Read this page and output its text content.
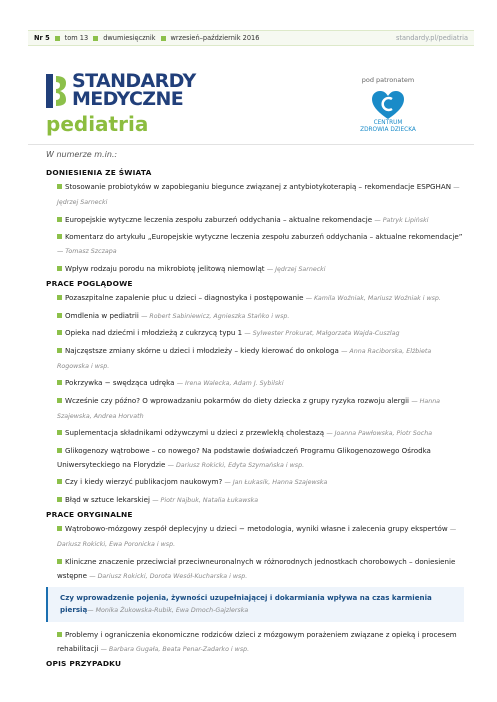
Nr 5 tom 13 dwumiesięcznik wrzesień–październik 2016	standardy.pl/pediatria
STANDARDY
MEDYCZNE
pediatria
pod patronatem
CENTRUM
ZDROWIA DZIECKA
W numerze m.in.:
DONIESIENIA ZE ŚWIATA
Stosowanie probiotyków w zapobieganiu biegunce związanej z antybiotykoterapią – rekomendacje ESPGHAN — Jędrzej Sarnecki
Europejskie wytyczne leczenia zespołu zaburzeń oddychania – aktualne rekomendacje — Patryk Lipiński
Komentarz do artykułu „Europejskie wytyczne leczenia zespołu zaburzeń oddychania – aktualne rekomendacje” — Tomasz Szczapa
Wpływ rodzaju porodu na mikrobiotę jelitową niemowląt — Jędrzej Sarnecki
PRACE POGLĄDOWE
Pozaszpitalne zapalenie płuc u dzieci – diagnostyka i postępowanie — Kamila Woźniak, Mariusz Woźniak i wsp.
Omdlenia w pediatrii — Robert Sabiniewicz, Agnieszka Stańko i wsp.
Opieka nad dziećmi i młodzieżą z cukrzycą typu 1 — Sylwester Prokurat, Małgorzata Wajda-Cuszlag
Najczęstsze zmiany skórne u dzieci i młodzieży – kiedy kierować do onkologa — Anna Raciborska, Elżbieta Rogowska i wsp.
Pokrzywka − swędząca udręka — Irena Walecka, Adam J. Sybilski
Wcześnie czy późno? O wprowadzaniu pokarmów do diety dziecka z grupy ryzyka rozwoju alergii — Hanna Szajewska, Andrea Horvath
Suplementacja składnikami odżywczymi u dzieci z przewlekłą cholestazą — Joanna Pawłowska, Piotr Socha
Glikogenozy wątrobowe – co nowego? Na podstawie doświadczeń Programu Glikogenozowego Ośrodka Uniwersyteckiego na Florydzie — Dariusz Rokicki, Edyta Szymańska i wsp.
Czy i kiedy wierzyć publikacjom naukowym? — Jan Łukasik, Hanna Szajewska
Błąd w sztuce lekarskiej — Piotr Najbuk, Natalia Łukawska
PRACE ORYGINALNE
Wątrobowo-mózgowy zespół deplecyjny u dzieci − metodologia, wyniki własne i zalecenia grupy ekspertów — Dariusz Rokicki, Ewa Poronicka i wsp.
Kliniczne znaczenie przeciwciał przeciwneuronalnych w różnorodnych jednostkach chorobowych – doniesienie wstępne — Dariusz Rokicki, Dorota Wesół-Kucharska i wsp.
Czy wprowadzenie pojenia, żywności uzupełniającej i dokarmiania wpływa na czas karmienia piersią— Monika Żukowska-Rubik, Ewa Dmoch-Gajzlerska
Problemy i ograniczenia ekonomiczne rodziców dzieci z mózgowym porażeniem związane z opieką i procesem rehabilitacji — Barbara Gugała, Beata Penar-Zadarko i wsp.
OPIS PRZYPADKU
